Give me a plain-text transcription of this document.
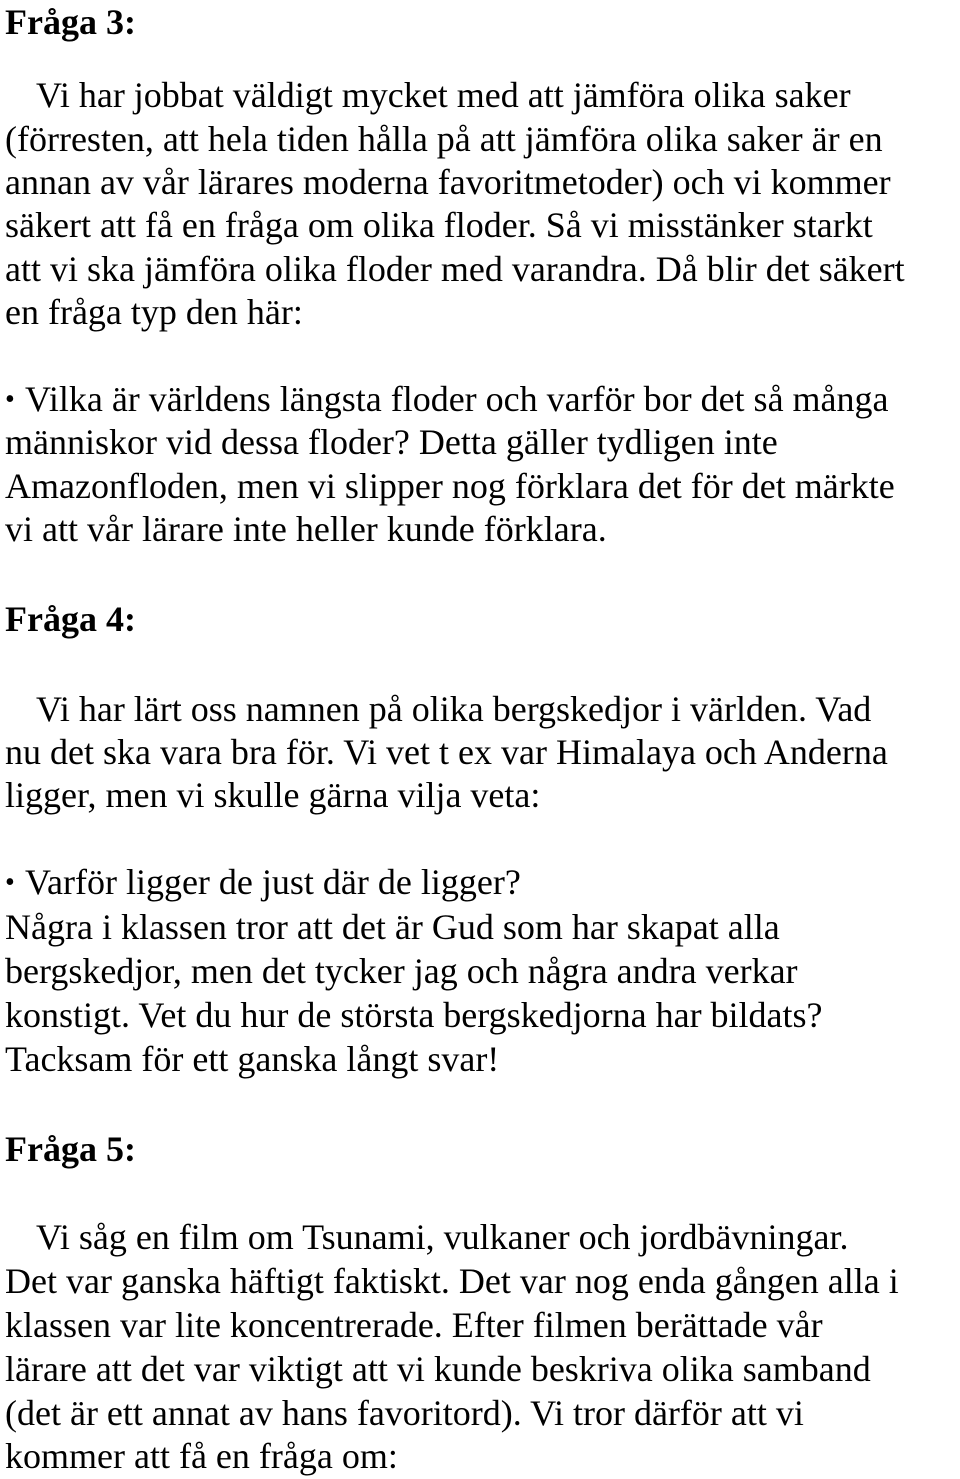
Fråga 3:
Vi har jobbat väldigt mycket med att jämföra olika saker
(förresten, att hela tiden hålla på att jämföra olika saker är en
annan av vår lärares moderna favoritmetoder) och vi kommer
säkert att få en fråga om olika floder. Så vi misstänker starkt
att vi ska jämföra olika floder med varandra. Då blir det säkert
en fråga typ den här:
• Vilka är världens längsta floder och varför bor det så många
människor vid dessa floder? Detta gäller tydligen inte
Amazonfloden, men vi slipper nog förklara det för det märkte
vi att vår lärare inte heller kunde förklara.
Fråga 4:
Vi har lärt oss namnen på olika bergskedjor i världen. Vad
nu det ska vara bra för. Vi vet t ex var Himalaya och Anderna
ligger, men vi skulle gärna vilja veta:
• Varför ligger de just där de ligger?
Några i klassen tror att det är Gud som har skapat alla
bergskedjor, men det tycker jag och några andra verkar
konstigt. Vet du hur de största bergskedjorna har bildats?
Tacksam för ett ganska långt svar!
Fråga 5:
Vi såg en film om Tsunami, vulkaner och jordbävningar.
Det var ganska häftigt faktiskt. Det var nog enda gången alla i
klassen var lite koncentrerade. Efter filmen berättade vår
lärare att det var viktigt att vi kunde beskriva olika samband
(det är ett annat av hans favoritord). Vi tror därför att vi
kommer att få en fråga om:
